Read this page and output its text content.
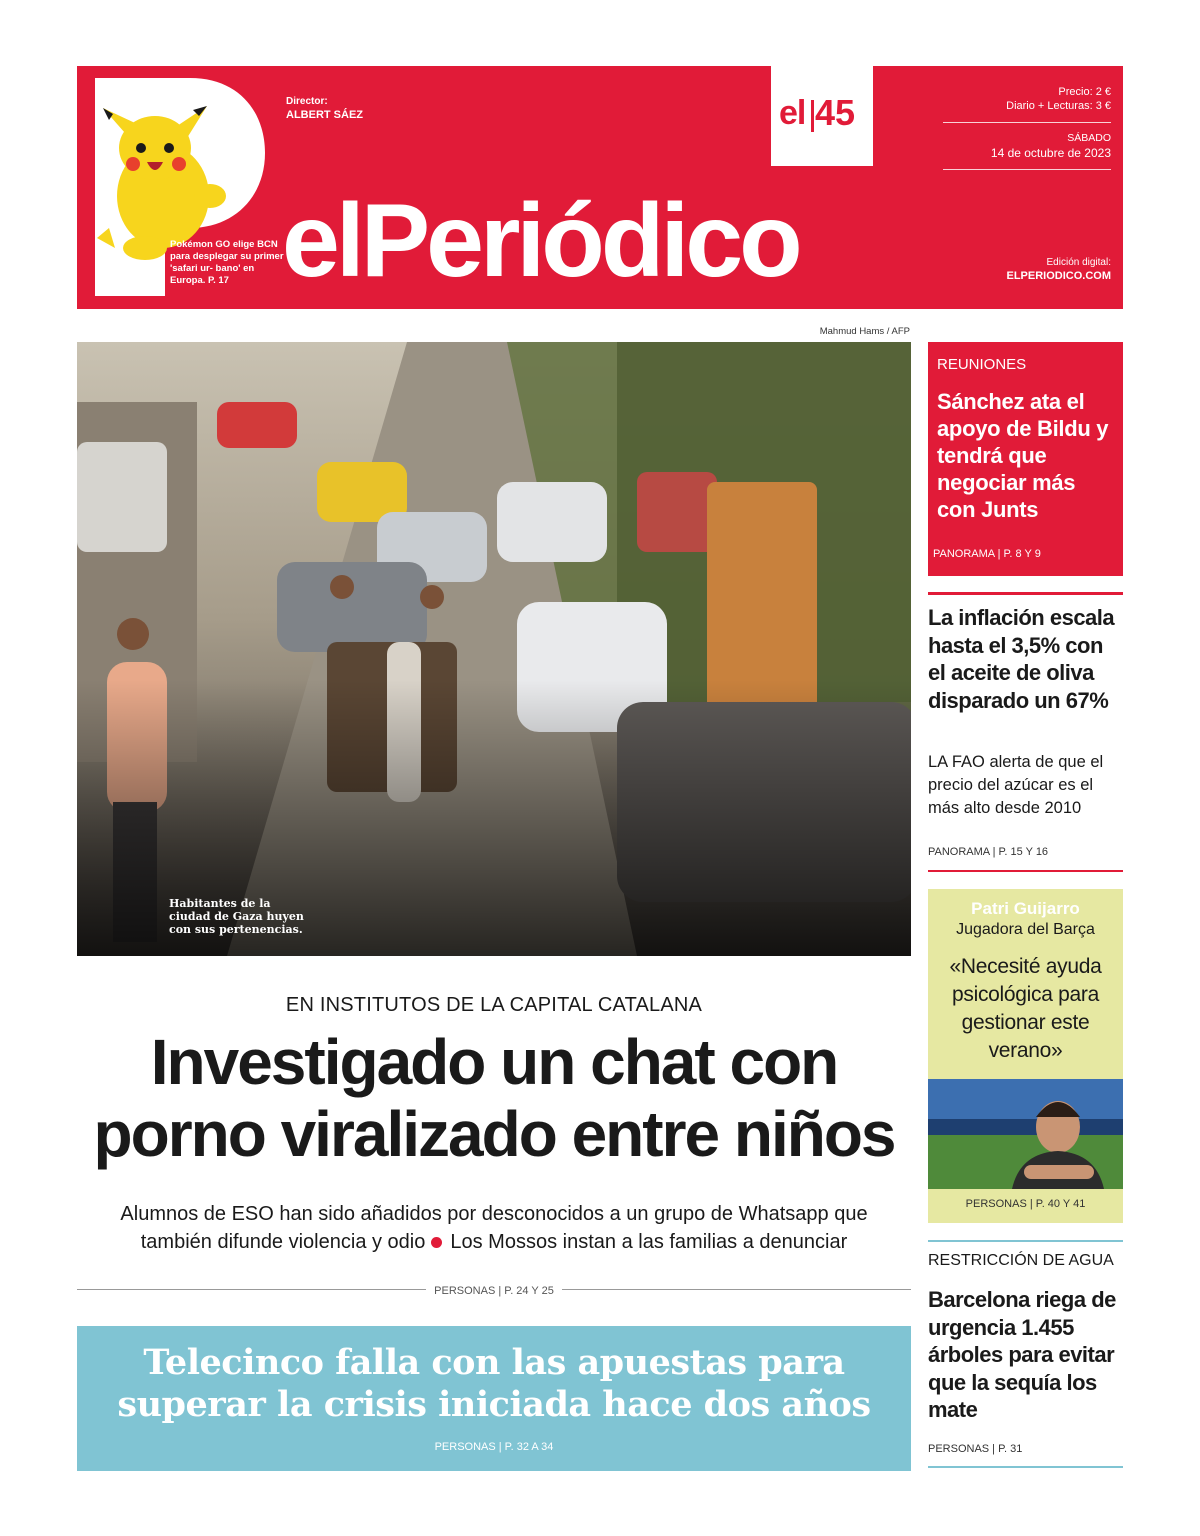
Pokémon GO elige BCN para desplegar su primer 'safari ur- bano' en Europa. P. 17
Director:
ALBERT SÁEZ	el 45
elPeriódico
Precio: 2 €
Diario + Lecturas: 3 €
SÁBADO
14 de octubre de 2023
Edición digital:
ELPERIODICO.COM
Mahmud Hams / AFP
Habitantes de la ciudad de Gaza huyen con sus pertenencias.
EN INSTITUTOS DE LA CAPITAL CATALANA
Investigado un chat con
porno viralizado entre niños
Alumnos de ESO han sido añadidos por desconocidos a un grupo de Whatsapp que
también difunde violencia y odio Los Mossos instan a las familias a denunciar
PERSONAS | P. 24 Y 25
Telecinco falla con las apuestas para
superar la crisis iniciada hace dos años
PERSONAS | P. 32 A 34
REUNIONES
Sánchez ata el apoyo de Bildu y tendrá que negociar más con Junts
PANORAMA | P. 8 Y 9
La inflación escala hasta el 3,5% con el aceite de oliva disparado un 67%
LA FAO alerta de que el precio del azúcar es el más alto desde 2010
PANORAMA | P. 15 Y 16
Patri Guijarro
Jugadora del Barça
«Necesité ayuda psicológica para gestionar este verano»
PERSONAS | P. 40 Y 41
RESTRICCIÓN DE AGUA
Barcelona riega de urgencia 1.455 árboles para evitar que la sequía los mate
PERSONAS | P. 31
